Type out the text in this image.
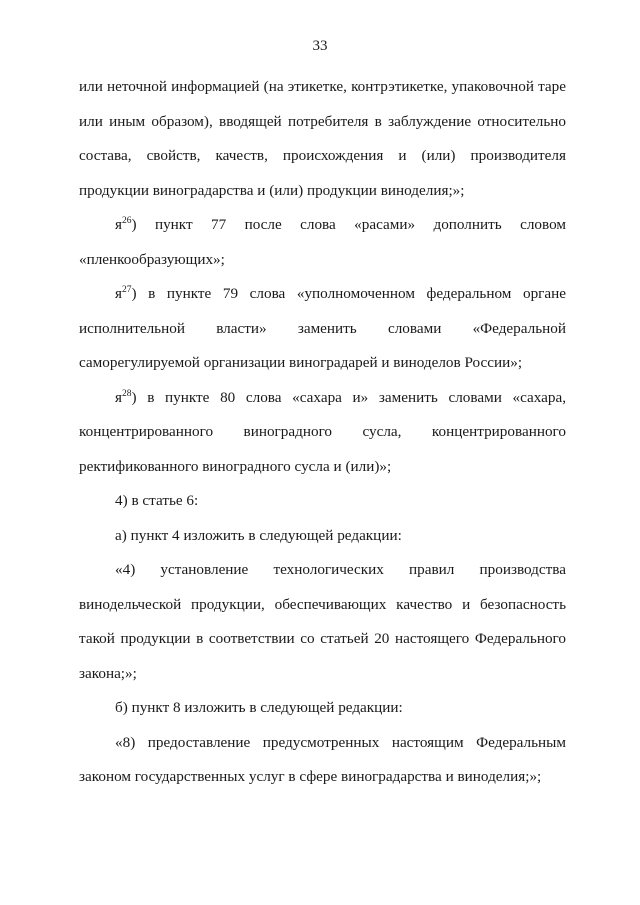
33
или неточной информацией (на этикетке, контрэтикетке, упаковочной таре
или иным образом), вводящей потребителя в заблуждение относительно
состава, свойств, качеств, происхождения и (или) производителя
продукции виноградарства и (или) продукции виноделия;»;
$я^{26}$) пункт 77 после слова «расами» дополнить словом
«пленкообразующих»;
$я^{27}$) в пункте 79 слова «уполномоченном федеральном органе
исполнительной власти» заменить словами «Федеральной
саморегулируемой организации виноградарей и виноделов России»;
$я^{28}$) в пункте 80 слова «сахара и» заменить словами «сахара,
концентрированного виноградного сусла, концентрированного
ректификованного виноградного сусла и (или)»;
4) в статье 6:
а) пункт 4 изложить в следующей редакции:
«4) установление технологических правил производства
винодельческой продукции, обеспечивающих качество и безопасность
такой продукции в соответствии со статьей 20 настоящего Федерального
закона;»;
б) пункт 8 изложить в следующей редакции:
«8) предоставление предусмотренных настоящим Федеральным
законом государственных услуг в сфере виноградарства и виноделия;»;
